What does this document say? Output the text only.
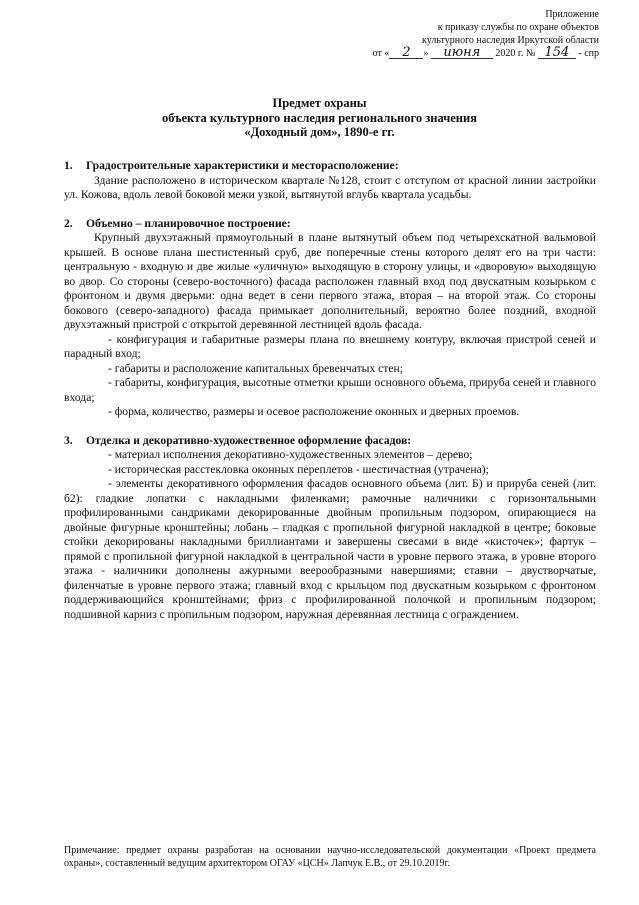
Приложение
к приказу службы по охране объектов
культурного наследия Иркутской области
от « 2 » июня 2020 г. № 154 - спр
Предмет охраны
объекта культурного наследия регионального значения
«Доходный дом», 1890-е гг.

1. Градостроительные характеристики и месторасположение:

Здание расположено в историческом квартале №128, стоит с отступом от красной линии застройки ул. Кожова, вдоль левой боковой межи узкой, вытянутой вглубь квартала усадьбы.

2. Объемно – планировочное построение:

Крупный двухэтажный прямоугольный в плане вытянутый объем под четырехскатной вальмовой крышей. В основе плана шестистенный сруб, две поперечные стены которого делят его на три части: центральную - входную и две жилые «уличную» выходящую в сторону улицы, и «дворовую» выходящую во двор. Со стороны (северо-восточного) фасада расположен главный вход под двускатным козырьком с фронтоном и двумя дверьми: одна ведет в сени первого этажа, вторая – на второй этаж. Со стороны бокового (северо-западного) фасада примыкает дополнительный, вероятно более поздний, входной двухэтажный пристрой с открытой деревянной лестницей вдоль фасада.

- конфигурация и габаритные размеры плана по внешнему контуру, включая пристрой сеней и парадный вход;

- габариты и расположение капитальных бревенчатых стен;

- габариты, конфигурация, высотные отметки крыши основного объема, прируба сеней и главного входа;

- форма, количество, размеры и осевое расположение оконных и дверных проемов.

3. Отделка и декоративно-художественное оформление фасадов:

- материал исполнения декоративно-художественных элементов – дерево;

- историческая расстекловка оконных переплетов - шестичастная (утрачена);

- элементы декоративного оформления фасадов основного объема (лит. Б) и прируба сеней (лит. б2): гладкие лопатки с накладными филенками; рамочные наличники с горизонтальными профилированными сандриками декорированные двойным пропильным подзором, опирающиеся на двойные фигурные кронштейны; лобань – гладкая с пропильной фигурной накладкой в центре; боковые стойки декорированы накладными бриллиантами и завершены свесами в виде «кисточек»; фартук – прямой с пропильной фигурной накладкой в центральной части в уровне первого этажа, в уровне второго этажа - наличники дополнены ажурными веерообразными навершиями; ставни – двустворчатые, филенчатые в уровне первого этажа; главный вход с крыльцом под двускатным козырьком с фронтоном поддерживающийся кронштейнами; фриз с профилированной полочкой и пропильным подзором; подшивной карниз с пропильным подзором, наружная деревянная лестница с ограждением.

Примечание: предмет охраны разработан на основании научно-исследовательской документации «Проект предмета охраны», составленный ведущим архитектором ОГАУ «ЦСН» Лапчук Е.В., от 29.10.2019г.
